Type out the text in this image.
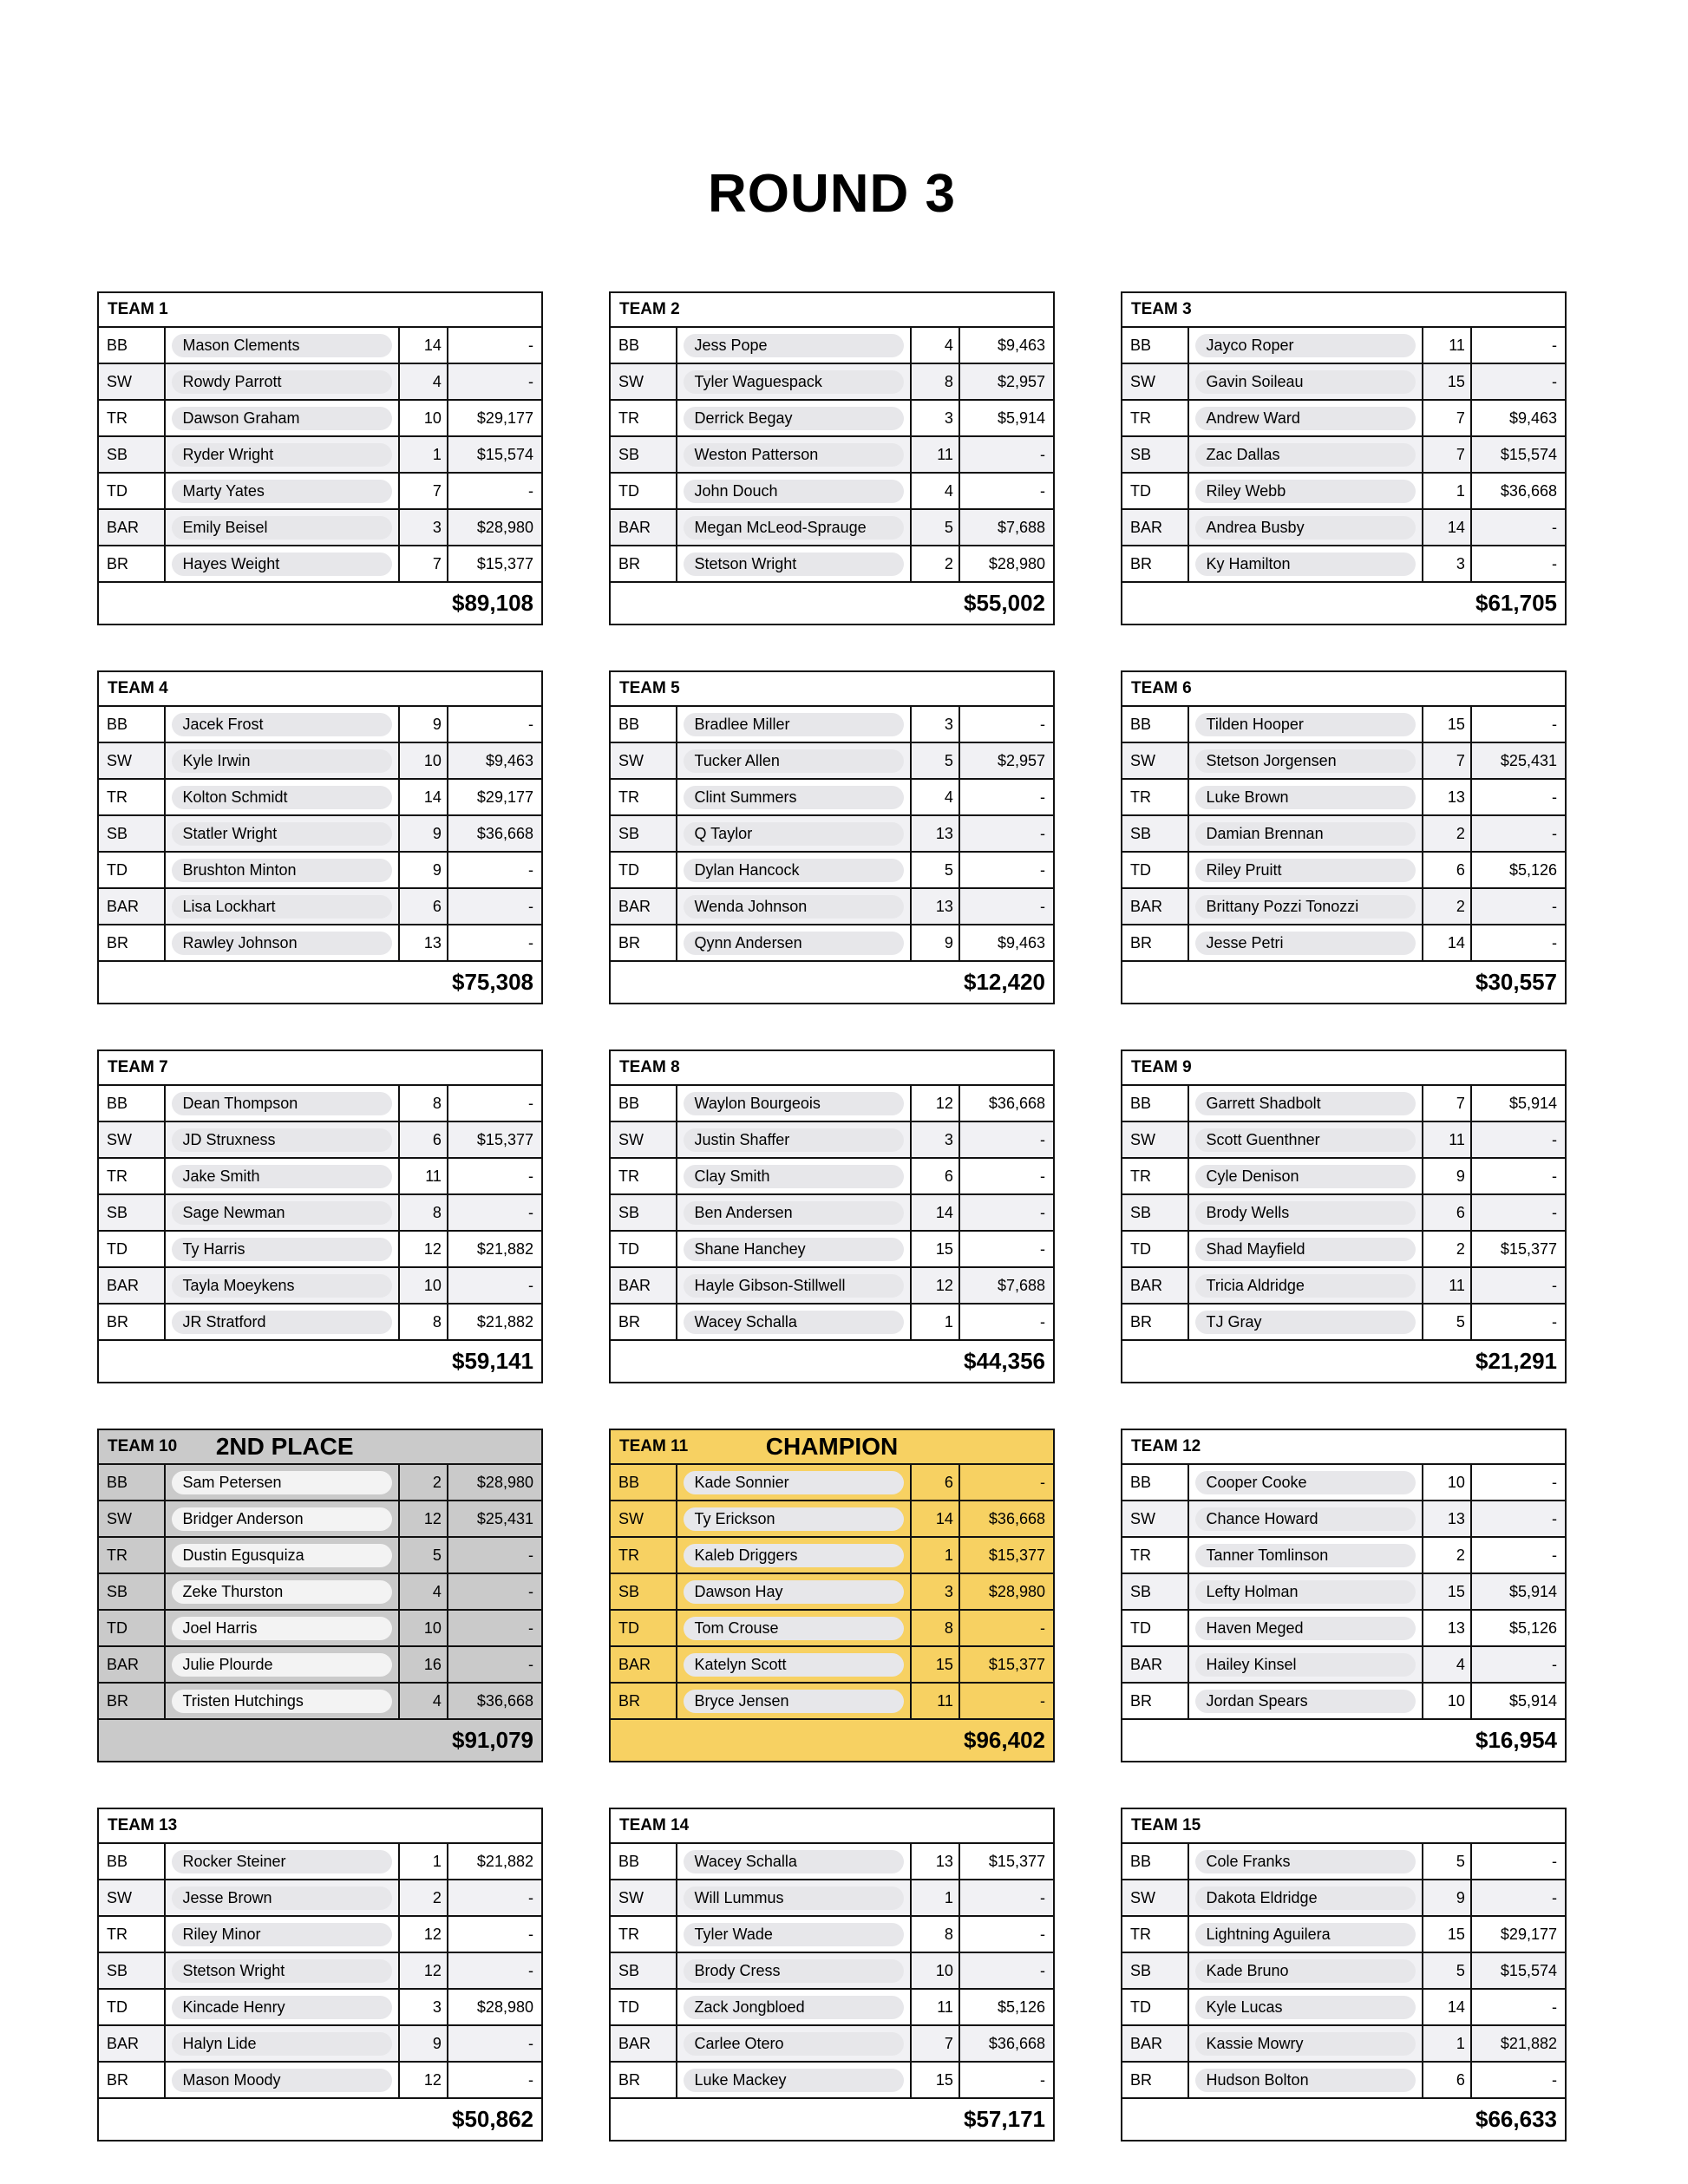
ROUND 3
TEAM 1
BB	Mason Clements	14	-
SW	Rowdy Parrott	4	-
TR	Dawson Graham	10	$29,177
SB	Ryder Wright	1	$15,574
TD	Marty Yates	7	-
BAR	Emily Beisel	3	$28,980
BR	Hayes Weight	7	$15,377
$89,108
TEAM 2
BB	Jess Pope	4	$9,463
SW	Tyler Waguespack	8	$2,957
TR	Derrick Begay	3	$5,914
SB	Weston Patterson	11	-
TD	John Douch	4	-
BAR	Megan McLeod-Sprauge	5	$7,688
BR	Stetson Wright	2	$28,980
$55,002
TEAM 3
BB	Jayco Roper	11	-
SW	Gavin Soileau	15	-
TR	Andrew Ward	7	$9,463
SB	Zac Dallas	7	$15,574
TD	Riley Webb	1	$36,668
BAR	Andrea Busby	14	-
BR	Ky Hamilton	3	-
$61,705
TEAM 4
BB	Jacek Frost	9	-
SW	Kyle Irwin	10	$9,463
TR	Kolton Schmidt	14	$29,177
SB	Statler Wright	9	$36,668
TD	Brushton Minton	9	-
BAR	Lisa Lockhart	6	-
BR	Rawley Johnson	13	-
$75,308
TEAM 5
BB	Bradlee Miller	3	-
SW	Tucker Allen	5	$2,957
TR	Clint Summers	4	-
SB	Q Taylor	13	-
TD	Dylan Hancock	5	-
BAR	Wenda Johnson	13	-
BR	Qynn Andersen	9	$9,463
$12,420
TEAM 6
BB	Tilden Hooper	15	-
SW	Stetson Jorgensen	7	$25,431
TR	Luke Brown	13	-
SB	Damian Brennan	2	-
TD	Riley Pruitt	6	$5,126
BAR	Brittany Pozzi Tonozzi	2	-
BR	Jesse Petri	14	-
$30,557
TEAM 7
BB	Dean Thompson	8	-
SW	JD Struxness	6	$15,377
TR	Jake Smith	11	-
SB	Sage Newman	8	-
TD	Ty Harris	12	$21,882
BAR	Tayla Moeykens	10	-
BR	JR Stratford	8	$21,882
$59,141
TEAM 8
BB	Waylon Bourgeois	12	$36,668
SW	Justin Shaffer	3	-
TR	Clay Smith	6	-
SB	Ben Andersen	14	-
TD	Shane Hanchey	15	-
BAR	Hayle Gibson-Stillwell	12	$7,688
BR	Wacey Schalla	1	-
$44,356
TEAM 9
BB	Garrett Shadbolt	7	$5,914
SW	Scott Guenthner	11	-
TR	Cyle Denison	9	-
SB	Brody Wells	6	-
TD	Shad Mayfield	2	$15,377
BAR	Tricia Aldridge	11	-
BR	TJ Gray	5	-
$21,291
TEAM 10 2ND PLACE
BB	Sam Petersen	2	$28,980
SW	Bridger Anderson	12	$25,431
TR	Dustin Egusquiza	5	-
SB	Zeke Thurston	4	-
TD	Joel Harris	10	-
BAR	Julie Plourde	16	-
BR	Tristen Hutchings	4	$36,668
$91,079
TEAM 11	CHAMPION
BB	Kade Sonnier	6	-
SW	Ty Erickson	14	$36,668
TR	Kaleb Driggers	1	$15,377
SB	Dawson Hay	3	$28,980
TD	Tom Crouse	8	-
BAR	Katelyn Scott	15	$15,377
BR	Bryce Jensen	11	-
$96,402
TEAM 12
BB	Cooper Cooke	10	-
SW	Chance Howard	13	-
TR	Tanner Tomlinson	2	-
SB	Lefty Holman	15	$5,914
TD	Haven Meged	13	$5,126
BAR	Hailey Kinsel	4	-
BR	Jordan Spears	10	$5,914
$16,954
TEAM 13
BB	Rocker Steiner	1	$21,882
SW	Jesse Brown	2	-
TR	Riley Minor	12	-
SB	Stetson Wright	12	-
TD	Kincade Henry	3	$28,980
BAR	Halyn Lide	9	-
BR	Mason Moody	12	-
$50,862
TEAM 14
BB	Wacey Schalla	13	$15,377
SW	Will Lummus	1	-
TR	Tyler Wade	8	-
SB	Brody Cress	10	-
TD	Zack Jongbloed	11	$5,126
BAR	Carlee Otero	7	$36,668
BR	Luke Mackey	15	-
$57,171
TEAM 15
BB	Cole Franks	5	-
SW	Dakota Eldridge	9	-
TR	Lightning Aguilera	15	$29,177
SB	Kade Bruno	5	$15,574
TD	Kyle Lucas	14	-
BAR	Kassie Mowry	1	$21,882
BR	Hudson Bolton	6	-
$66,633
